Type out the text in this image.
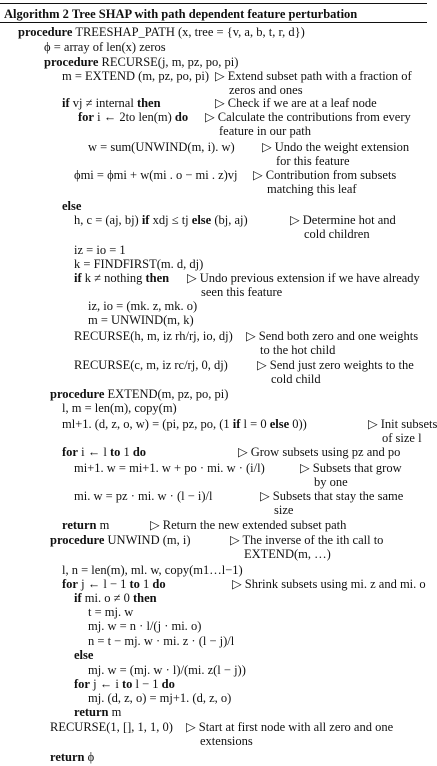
Algorithm 2 Tree SHAP with path dependent feature perturbation
procedure TREESHAP_PATH (x, tree = {v, a, b, t, r, d})
ϕ = array of len(x) zeros
procedure RECURSE(j, m, pz, po, pi)
m = EXTEND (m, pz, po, pi) ▷ Extend subset path with a fraction of
zeros and ones
if vj ≠ internal then	▷ Check if we are at a leaf node
for i ← 2to len(m) do ▷ Calculate the contributions from every
feature in our path
w = sum(UNWIND(m, i). w) ▷ Undo the weight extension
for this feature
ϕmi = ϕmi + w(mi . o − mi . z)vj ▷ Contribution from subsets
matching this leaf
else
h, c = (aj, bj) if xdj ≤ tj else (bj, aj)	▷ Determine hot and
cold children
iz = io = 1
k = FINDFIRST(m. d, dj)
if k ≠ nothing then ▷ Undo previous extension if we have already
seen this feature
iz, io = (mk. z, mk. o)
m = UNWIND(m, k)
RECURSE(h, m, iz rh/rj, io, dj) ▷ Send both zero and one weights
to the hot child
RECURSE(c, m, iz rc/rj, 0, dj) ▷ Send just zero weights to the
cold child
procedure EXTEND(m, pz, po, pi)
l, m = len(m), copy(m)
ml+1. (d, z, o, w) = (pi, pz, po, (1 if l = 0 else 0))	▷ Init subsets
of size l
for i ← l to 1 do	▷ Grow subsets using pz and po
mi+1. w = mi+1. w + po · mi. w · (i/l)	▷ Subsets that grow
by one
mi. w = pz · mi. w · (l − i)/l	▷ Subsets that stay the same
size
return m	▷ Return the new extended subset path
procedure UNWIND (m, i)	▷ The inverse of the ith call to
EXTEND(m, …)
l, n = len(m), ml. w, copy(m1…l−1)
for j ← l − 1 to 1 do	▷ Shrink subsets using mi. z and mi. o
if mi. o ≠ 0 then
t = mj. w
mj. w = n · l/(j · mi. o)
n = t − mj. w · mi. z · (l − j)/l
else
mj. w = (mj. w · l)/(mi. z(l − j))
for j ← i to l − 1 do
mj. (d, z, o) = mj+1. (d, z, o)
return m
RECURSE(1, [], 1, 1, 0) ▷ Start at first node with all zero and one
extensions
return ϕ
